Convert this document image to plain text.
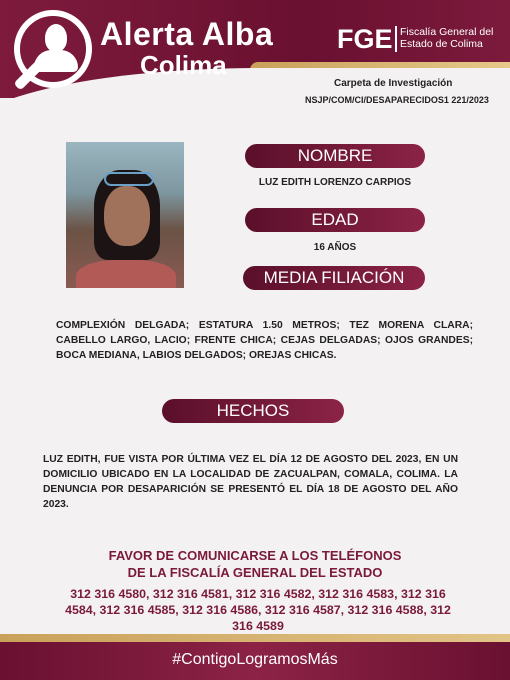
Alerta Alba
Colima
FGE Fiscalía General del Estado de Colima
Carpeta de Investigación
NSJP/COM/CI/DESAPARECIDOS1 221/2023
NOMBRE
LUZ EDITH LORENZO CARPIOS
EDAD
16 AÑOS
MEDIA FILIACIÓN
COMPLEXIÓN DELGADA; ESTATURA 1.50 METROS; TEZ MORENA CLARA; CABELLO LARGO, LACIO; FRENTE CHICA; CEJAS DELGADAS; OJOS GRANDES; BOCA MEDIANA, LABIOS DELGADOS; OREJAS CHICAS.
HECHOS
LUZ EDITH, FUE VISTA POR ÚLTIMA VEZ EL DÍA 12 DE AGOSTO DEL 2023, EN UN DOMICILIO UBICADO EN LA LOCALIDAD DE ZACUALPAN, COMALA, COLIMA. LA DENUNCIA POR DESAPARICIÓN SE PRESENTÓ EL DÍA 18 DE AGOSTO DEL AÑO 2023.
FAVOR DE COMUNICARSE A LOS TELÉFONOS
DE LA FISCALÍA GENERAL DEL ESTADO
312 316 4580, 312 316 4581, 312 316 4582, 312 316 4583, 312 316 4584, 312 316 4585, 312 316 4586, 312 316 4587, 312 316 4588, 312 316 4589
#ContigoLogramosMás
